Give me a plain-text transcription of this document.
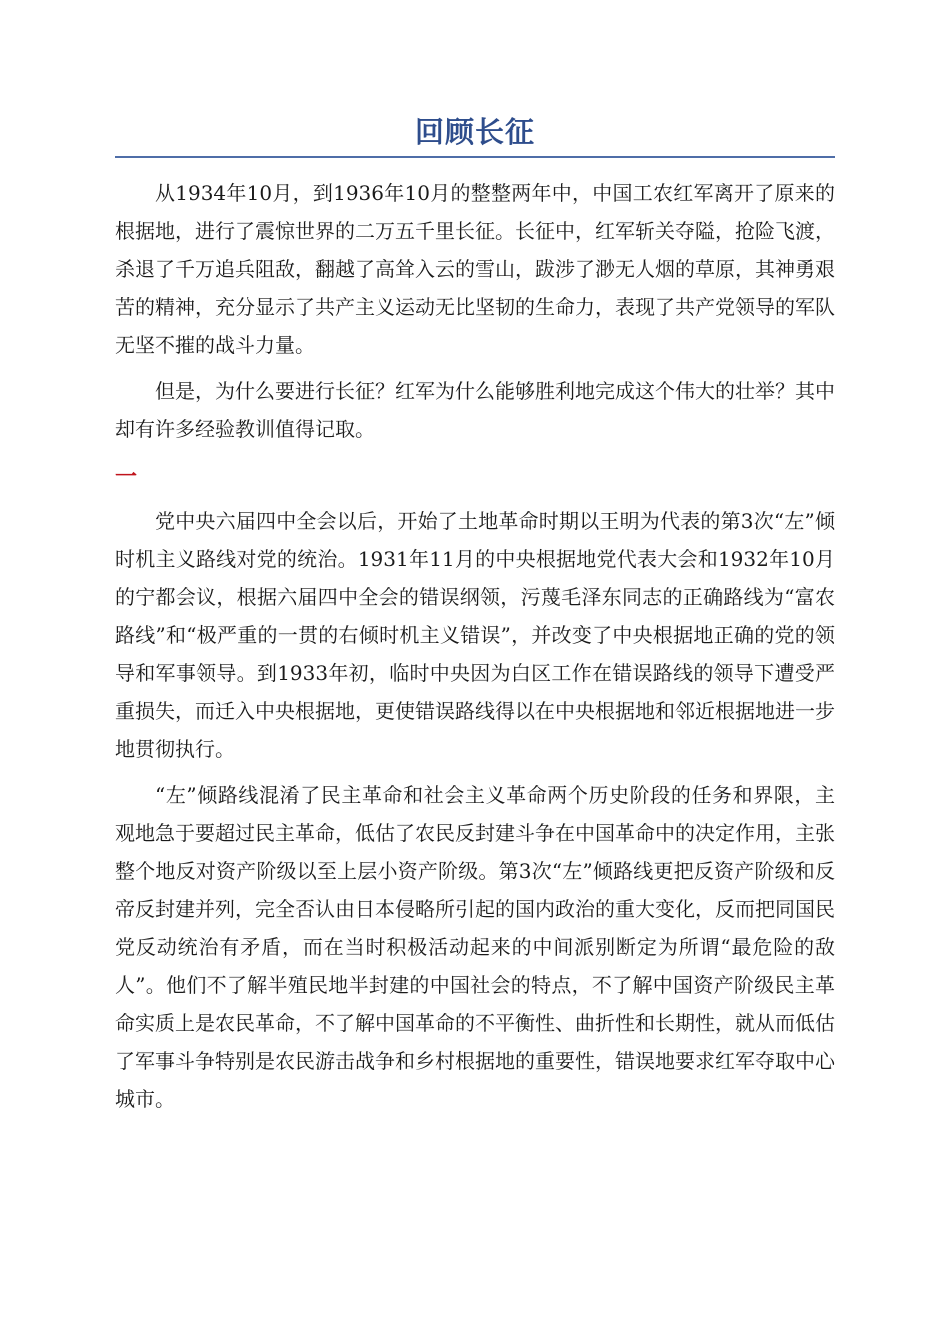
回顾长征

从1934年10月，到1936年10月的整整两年中，中国工农红军离开了原来的根据地，进行了震惊世界的二万五千里长征。长征中，红军斩关夺隘，抢险飞渡，杀退了千万追兵阻敌，翻越了高耸入云的雪山，跋涉了渺无人烟的草原，其神勇艰苦的精神，充分显示了共产主义运动无比坚韧的生命力，表现了共产党领导的军队无坚不摧的战斗力量。

但是，为什么要进行长征？红军为什么能够胜利地完成这个伟大的壮举？其中却有许多经验教训值得记取。

一

党中央六届四中全会以后，开始了土地革命时期以王明为代表的第3次“左”倾时机主义路线对党的统治。1931年11月的中央根据地党代表大会和1932年10月的宁都会议，根据六届四中全会的错误纲领，污蔑毛泽东同志的正确路线为“富农路线”和“极严重的一贯的右倾时机主义错误”，并改变了中央根据地正确的党的领导和军事领导。到1933年初，临时中央因为白区工作在错误路线的领导下遭受严重损失，而迁入中央根据地，更使错误路线得以在中央根据地和邻近根据地进一步地贯彻执行。

“左”倾路线混淆了民主革命和社会主义革命两个历史阶段的任务和界限，主观地急于要超过民主革命，低估了农民反封建斗争在中国革命中的决定作用，主张整个地反对资产阶级以至上层小资产阶级。第3次“左”倾路线更把反资产阶级和反帝反封建并列，完全否认由日本侵略所引起的国内政治的重大变化，反而把同国民党反动统治有矛盾，而在当时积极活动起来的中间派别断定为所谓“最危险的敌人”。他们不了解半殖民地半封建的中国社会的特点，不了解中国资产阶级民主革命实质上是农民革命，不了解中国革命的不平衡性、曲折性和长期性，就从而低估了军事斗争特别是农民游击战争和乡村根据地的重要性，错误地要求红军夺取中心城市。
